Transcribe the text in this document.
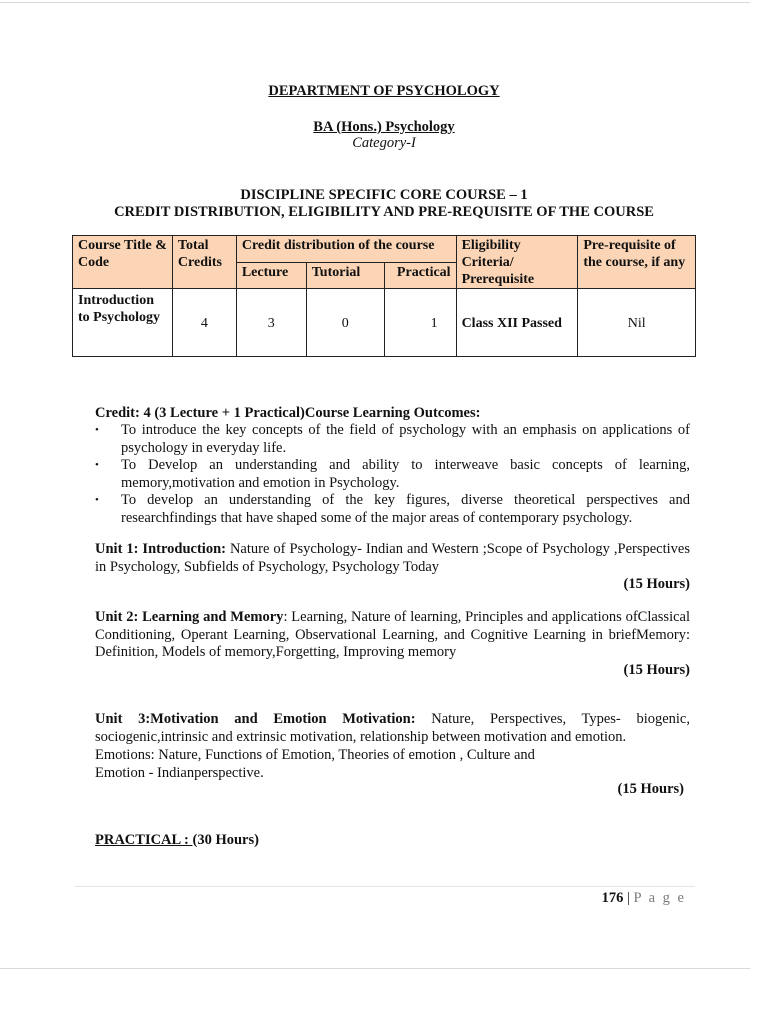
DEPARTMENT OF PSYCHOLOGY
BA (Hons.) Psychology
Category-I
DISCIPLINE SPECIFIC CORE COURSE – 1
CREDIT DISTRIBUTION, ELIGIBILITY AND PRE-REQUISITE OF THE COURSE
Course Title & Code	Total Credits	Credit distribution of the course			Eligibility Criteria/ Prerequisite	Pre-requisite of the course, if any
		Lecture	Tutorial	Practical		
Introduction to Psychology	4	3	0	1	Class XII Passed	Nil
Credit: 4 (3 Lecture + 1 Practical)Course Learning Outcomes:
• To introduce the key concepts of the field of psychology with an emphasis on applications of psychology in everyday life.
• To Develop an understanding and ability to interweave basic concepts of learning, memory,motivation and emotion in Psychology.
• To develop an understanding of the key figures, diverse theoretical perspectives and researchfindings that have shaped some of the major areas of contemporary psychology.
Unit 1: Introduction: Nature of Psychology- Indian and Western ;Scope of Psychology ,Perspectives in Psychology, Subfields of Psychology, Psychology Today
(15 Hours)
Unit 2: Learning and Memory: Learning, Nature of learning, Principles and applications ofClassical Conditioning, Operant Learning, Observational Learning, and Cognitive Learning in briefMemory: Definition, Models of memory,Forgetting, Improving memory
(15 Hours)
Unit 3:Motivation and Emotion Motivation: Nature, Perspectives, Types- biogenic,
sociogenic,intrinsic and extrinsic motivation, relationship between motivation and emotion.
Emotions: Nature, Functions of Emotion, Theories of emotion , Culture and
Emotion - Indianperspective.
(15 Hours)
PRACTICAL : (30 Hours)
176 | P a g e
